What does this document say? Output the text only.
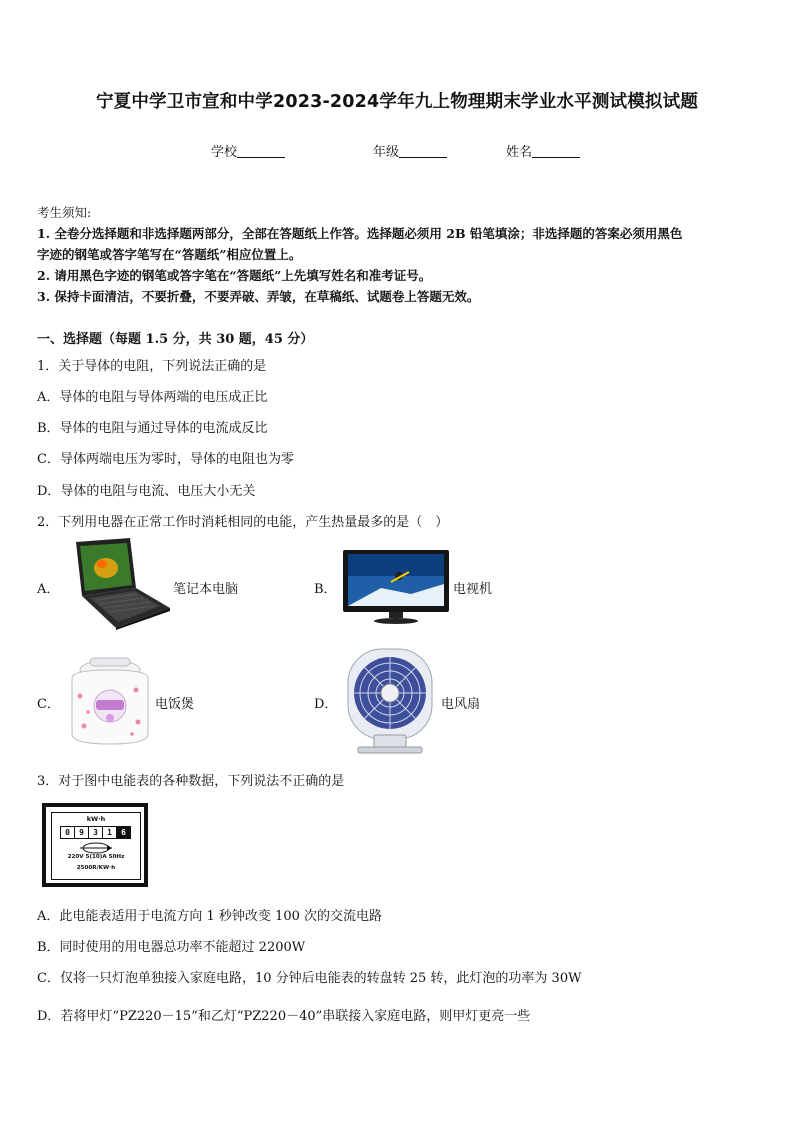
宁夏中学卫市宣和中学2023-2024学年九上物理期末学业水平测试模拟试题
学校	年级	姓名
考生须知:
1. 全卷分选择题和非选择题两部分，全部在答题纸上作答。选择题必须用 2B 铅笔填涂；非选择题的答案必须用黑色
字迹的钢笔或答字笔写在“答题纸”相应位置上。
2. 请用黑色字迹的钢笔或答字笔在“答题纸”上先填写姓名和准考证号。
3. 保持卡面清洁，不要折叠，不要弄破、弄皱，在草稿纸、试题卷上答题无效。
一、选择题（每题 1.5 分，共 30 题，45 分）
1．关于导体的电阻，下列说法正确的是
A．导体的电阻与导体两端的电压成正比
B．导体的电阻与通过导体的电流成反比
C．导体两端电压为零时，导体的电阻也为零
D．导体的电阻与电流、电压大小无关
2．下列用电器在正常工作时消耗相同的电能，产生热量最多的是（　）
A．	笔记本电脑	B．	电视机
C．	电饭煲	D．	电风扇
3．对于图中电能表的各种数据，下列说法不正确的是
kW·h
0	9	3	1	6
220V 5(10)A 50Hz
2500R/KW·h
A．此电能表适用于电流方向 1 秒钟改变 100 次的交流电路
B．同时使用的用电器总功率不能超过 2200W
C．仅将一只灯泡单独接入家庭电路，10 分钟后电能表的转盘转 25 转，此灯泡的功率为 30W
D．若将甲灯“PZ220－15”和乙灯“PZ220－40”串联接入家庭电路，则甲灯更亮一些
